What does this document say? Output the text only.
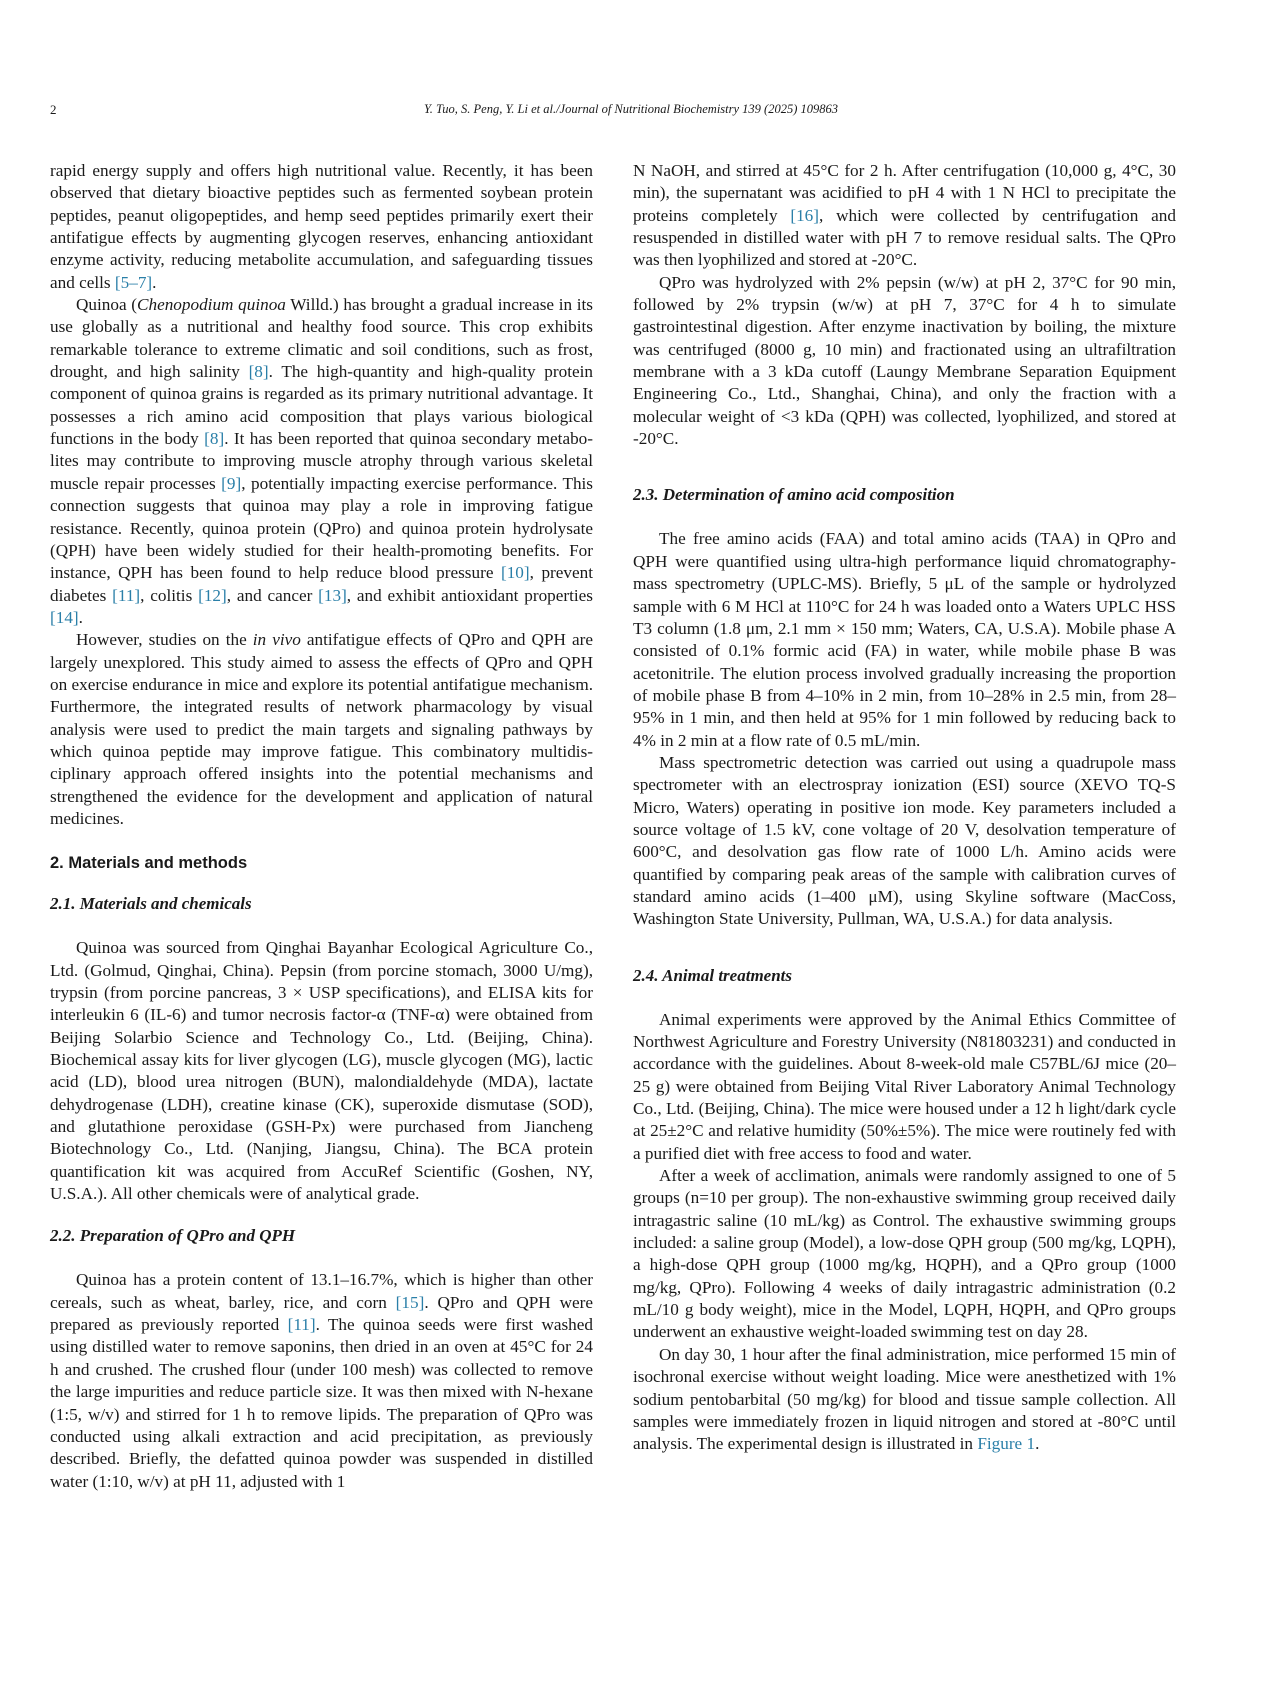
2	Y. Tuo, S. Peng, Y. Li et al./Journal of Nutritional Biochemistry 139 (2025) 109863

rapid energy supply and offers high nutritional value. Recently, it has been observed that dietary bioactive peptides such as fermented soybean protein peptides, peanut oligopeptides, and hemp seed peptides primarily exert their antifatigue effects by augmenting glycogen reserves, enhancing antioxidant enzyme activity, reducing metabolite accumulation, and safeguarding tissues and cells [5–7].

Quinoa (Chenopodium quinoa Willd.) has brought a gradual increase in its use globally as a nutritional and healthy food source. This crop exhibits remarkable tolerance to extreme climatic and soil conditions, such as frost, drought, and high salinity [8]. The high-quantity and high-quality protein component of quinoa grains is regarded as its primary nutritional advantage. It possesses a rich amino acid composition that plays various biological functions in the body [8]. It has been reported that quinoa secondary metabolites may contribute to improving muscle atrophy through various skeletal muscle repair processes [9], potentially impacting exercise performance. This connection suggests that quinoa may play a role in improving fatigue resistance. Recently, quinoa protein (QPro) and quinoa protein hydrolysate (QPH) have been widely studied for their health-promoting benefits. For instance, QPH has been found to help reduce blood pressure [10], prevent diabetes [11], colitis [12], and cancer [13], and exhibit antioxidant properties [14].

However, studies on the in vivo antifatigue effects of QPro and QPH are largely unexplored. This study aimed to assess the effects of QPro and QPH on exercise endurance in mice and explore its potential antifatigue mechanism. Furthermore, the integrated results of network pharmacology by visual analysis were used to predict the main targets and signaling pathways by which quinoa peptide may improve fatigue. This combinatory multidisciplinary approach offered insights into the potential mechanisms and strengthened the evidence for the development and application of natural medicines.

2. Materials and methods
2.1. Materials and chemicals

Quinoa was sourced from Qinghai Bayanhar Ecological Agriculture Co., Ltd. (Golmud, Qinghai, China). Pepsin (from porcine stomach, 3000 U/mg), trypsin (from porcine pancreas, 3 × USP specifications), and ELISA kits for interleukin 6 (IL-6) and tumor necrosis factor-α (TNF-α) were obtained from Beijing Solarbio Science and Technology Co., Ltd. (Beijing, China). Biochemical assay kits for liver glycogen (LG), muscle glycogen (MG), lactic acid (LD), blood urea nitrogen (BUN), malondialdehyde (MDA), lactate dehydrogenase (LDH), creatine kinase (CK), superoxide dismutase (SOD), and glutathione peroxidase (GSH-Px) were purchased from Jiancheng Biotechnology Co., Ltd. (Nanjing, Jiangsu, China). The BCA protein quantification kit was acquired from AccuRef Scientific (Goshen, NY, U.S.A.). All other chemicals were of analytical grade.

2.2. Preparation of QPro and QPH

Quinoa has a protein content of 13.1–16.7%, which is higher than other cereals, such as wheat, barley, rice, and corn [15]. QPro and QPH were prepared as previously reported [11]. The quinoa seeds were first washed using distilled water to remove saponins, then dried in an oven at 45°C for 24 h and crushed. The crushed flour (under 100 mesh) was collected to remove the large impurities and reduce particle size. It was then mixed with N-hexane (1:5, w/v) and stirred for 1 h to remove lipids. The preparation of QPro was conducted using alkali extraction and acid precipitation, as previously described. Briefly, the defatted quinoa powder was suspended in distilled water (1:10, w/v) at pH 11, adjusted with 1

N NaOH, and stirred at 45°C for 2 h. After centrifugation (10,000 g, 4°C, 30 min), the supernatant was acidified to pH 4 with 1 N HCl to precipitate the proteins completely [16], which were collected by centrifugation and resuspended in distilled water with pH 7 to remove residual salts. The QPro was then lyophilized and stored at -20°C.

QPro was hydrolyzed with 2% pepsin (w/w) at pH 2, 37°C for 90 min, followed by 2% trypsin (w/w) at pH 7, 37°C for 4 h to simulate gastrointestinal digestion. After enzyme inactivation by boiling, the mixture was centrifuged (8000 g, 10 min) and fractionated using an ultrafiltration membrane with a 3 kDa cutoff (Laungy Membrane Separation Equipment Engineering Co., Ltd., Shanghai, China), and only the fraction with a molecular weight of <3 kDa (QPH) was collected, lyophilized, and stored at -20°C.

2.3. Determination of amino acid composition

The free amino acids (FAA) and total amino acids (TAA) in QPro and QPH were quantified using ultra-high performance liquid chromatography-mass spectrometry (UPLC-MS). Briefly, 5 μL of the sample or hydrolyzed sample with 6 M HCl at 110°C for 24 h was loaded onto a Waters UPLC HSS T3 column (1.8 μm, 2.1 mm × 150 mm; Waters, CA, U.S.A). Mobile phase A consisted of 0.1% formic acid (FA) in water, while mobile phase B was acetonitrile. The elution process involved gradually increasing the proportion of mobile phase B from 4–10% in 2 min, from 10–28% in 2.5 min, from 28–95% in 1 min, and then held at 95% for 1 min followed by reducing back to 4% in 2 min at a flow rate of 0.5 mL/min.

Mass spectrometric detection was carried out using a quadrupole mass spectrometer with an electrospray ionization (ESI) source (XEVO TQ-S Micro, Waters) operating in positive ion mode. Key parameters included a source voltage of 1.5 kV, cone voltage of 20 V, desolvation temperature of 600°C, and desolvation gas flow rate of 1000 L/h. Amino acids were quantified by comparing peak areas of the sample with calibration curves of standard amino acids (1–400 μM), using Skyline software (MacCoss, Washington State University, Pullman, WA, U.S.A.) for data analysis.

2.4. Animal treatments

Animal experiments were approved by the Animal Ethics Committee of Northwest Agriculture and Forestry University (N81803231) and conducted in accordance with the guidelines. About 8-week-old male C57BL/6J mice (20–25 g) were obtained from Beijing Vital River Laboratory Animal Technology Co., Ltd. (Beijing, China). The mice were housed under a 12 h light/dark cycle at 25±2°C and relative humidity (50%±5%). The mice were routinely fed with a purified diet with free access to food and water.

After a week of acclimation, animals were randomly assigned to one of 5 groups (n=10 per group). The non-exhaustive swimming group received daily intragastric saline (10 mL/kg) as Control. The exhaustive swimming groups included: a saline group (Model), a low-dose QPH group (500 mg/kg, LQPH), a high-dose QPH group (1000 mg/kg, HQPH), and a QPro group (1000 mg/kg, QPro). Following 4 weeks of daily intragastric administration (0.2 mL/10 g body weight), mice in the Model, LQPH, HQPH, and QPro groups underwent an exhaustive weight-loaded swimming test on day 28.

On day 30, 1 hour after the final administration, mice performed 15 min of isochronal exercise without weight loading. Mice were anesthetized with 1% sodium pentobarbital (50 mg/kg) for blood and tissue sample collection. All samples were immediately frozen in liquid nitrogen and stored at -80°C until analysis. The experimental design is illustrated in Figure 1.
